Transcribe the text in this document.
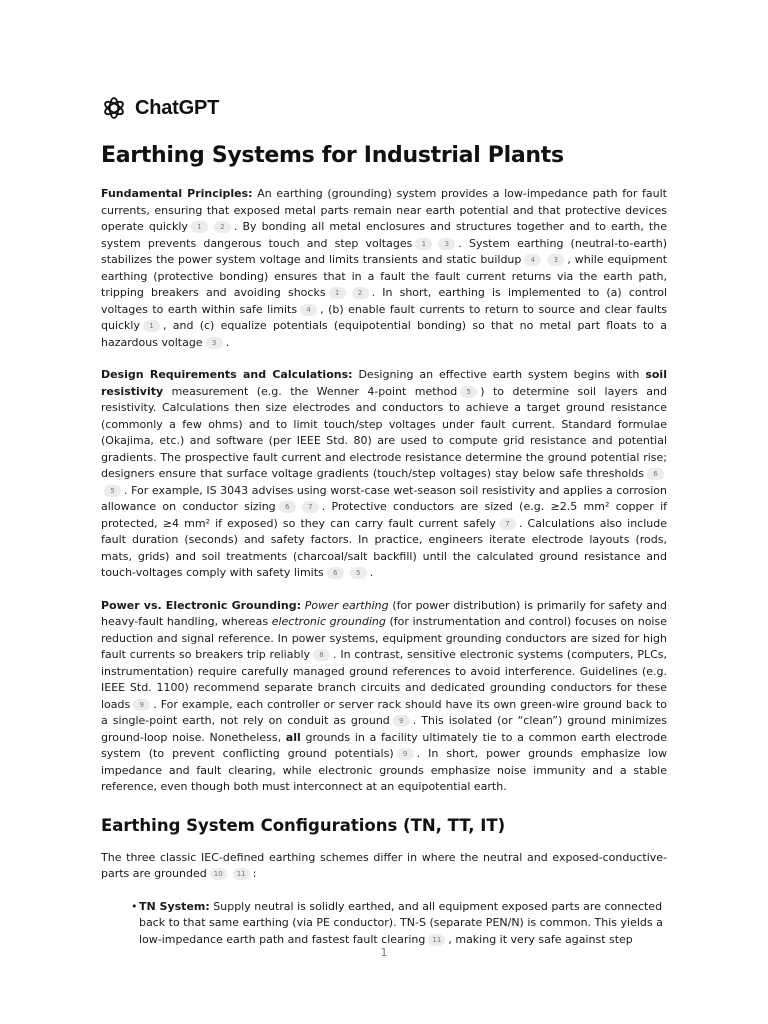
ChatGPT
Earthing Systems for Industrial Plants

Fundamental Principles: An earthing (grounding) system provides a low-impedance path for fault currents, ensuring that exposed metal parts remain near earth potential and that protective devices operate quickly 1	2 . By bonding all metal enclosures and structures together and to earth, the system prevents dangerous touch and step voltages 1	3 . System earthing (neutral-to-earth) stabilizes the power system voltage and limits transients and static buildup 4	3 , while equipment earthing (protective bonding) ensures that in a fault the fault current returns via the earth path, tripping breakers and avoiding shocks 1	2 . In short, earthing is implemented to (a) control voltages to earth within safe limits 4 , (b) enable fault currents to return to source and clear faults quickly 1 , and (c) equalize potentials (equipotential bonding) so that no metal part floats to a hazardous voltage 3 .

Design Requirements and Calculations: Designing an effective earth system begins with soil resistivity measurement (e.g. the Wenner 4-point method 5 ) to determine soil layers and resistivity. Calculations then size electrodes and conductors to achieve a target ground resistance (commonly a few ohms) and to limit touch/step voltages under fault current. Standard formulae (Okajima, etc.) and software (per IEEE Std. 80) are used to compute grid resistance and potential gradients. The prospective fault current and electrode resistance determine the ground potential rise; designers ensure that surface voltage gradients (touch/step voltages) stay below safe thresholds 65 . For example, IS 3043 advises using worst-case wet-season soil resistivity and applies a corrosion allowance on conductor sizing 6	7 . Protective conductors are sized (e.g. ≥2.5 mm² copper if protected, ≥4 mm² if exposed) so they can carry fault current safely 7 . Calculations also include fault duration (seconds) and safety factors. In practice, engineers iterate electrode layouts (rods, mats, grids) and soil treatments (charcoal/salt backfill) until the calculated ground resistance and touch-voltages comply with safety limits 6	5 .

Power vs. Electronic Grounding: Power earthing (for power distribution) is primarily for safety and heavy-fault handling, whereas electronic grounding (for instrumentation and control) focuses on noise reduction and signal reference. In power systems, equipment grounding conductors are sized for high fault currents so breakers trip reliably 8 . In contrast, sensitive electronic systems (computers, PLCs, instrumentation) require carefully managed ground references to avoid interference. Guidelines (e.g. IEEE Std. 1100) recommend separate branch circuits and dedicated grounding conductors for these loads 9 . For example, each controller or server rack should have its own green-wire ground back to a single-point earth, not rely on conduit as ground 9 . This isolated (or “clean”) ground minimizes ground-loop noise. Nonetheless, all grounds in a facility ultimately tie to a common earth electrode system (to prevent conflicting ground potentials) 9 . In short, power grounds emphasize low impedance and fault clearing, while electronic grounds emphasize noise immunity and a stable reference, even though both must interconnect at an equipotential earth.

Earthing System Configurations (TN, TT, IT)

The three classic IEC-defined earthing schemes differ in where the neutral and exposed-conductive-parts are grounded 10 11 :

• TN System: Supply neutral is solidly earthed, and all equipment exposed parts are connected back to that same earthing (via PE conductor). TN-S (separate PEN/N) is common. This yields a low-impedance earth path and fastest fault clearing 11 , making it very safe against step
1
